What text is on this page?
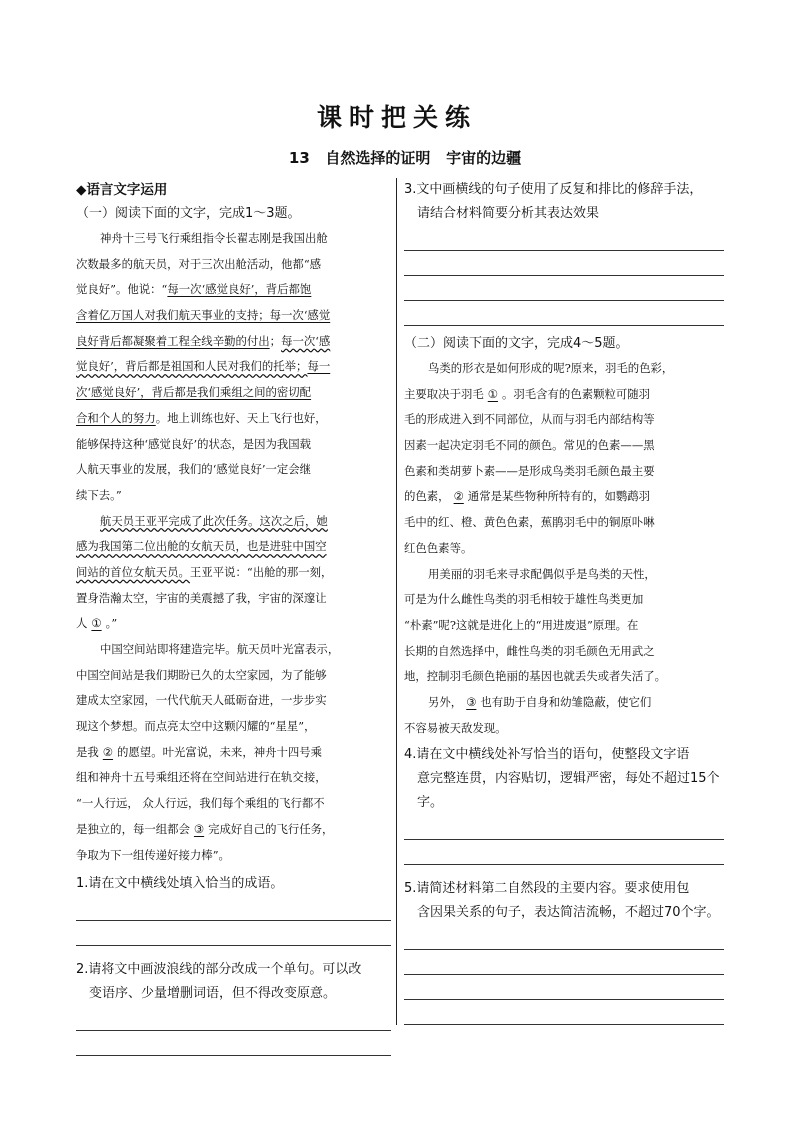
课时把关练
13   自然选择的证明   宇宙的边疆
◆语言文字运用
（一）阅读下面的文字，完成1～3题。
神舟十三号飞行乘组指令长翟志刚是我国出舱
次数最多的航天员，对于三次出舱活动，他都“感
觉良好”。他说：“每一次‘感觉良好’，背后都饱
含着亿万国人对我们航天事业的支持；每一次‘感觉
良好背后都凝聚着工程全线辛勤的付出；每一次‘感
觉良好’，背后都是祖国和人民对我们的托举；每一
次‘感觉良好’，背后都是我们乘组之间的密切配
合和个人的努力。地上训练也好、天上飞行也好，
能够保持这种‘感觉良好’的状态，是因为我国载
人航天事业的发展，我们的‘感觉良好’一定会继
续下去。”
航天员王亚平完成了此次任务。这次之后，她
感为我国第二位出舱的女航天员，也是进驻中国空
间站的首位女航天员。王亚平说：“出舱的那一刻，
置身浩瀚太空，宇宙的美震撼了我，宇宙的深邃让
人 ① 。”
中国空间站即将建造完毕。航天员叶光富表示，
中国空间站是我们期盼已久的太空家园，为了能够
建成太空家园，一代代航天人砥砺奋进，一步步实
现这个梦想。而点亮太空中这颗闪耀的“星星”，
是我 ② 的愿望。叶光富说，未来，神舟十四号乘
组和神舟十五号乘组还将在空间站进行在轨交接，
“一人行远， 众人行远，我们每个乘组的飞行都不
是独立的，每一组都会 ③ 完成好自己的飞行任务，
争取为下一组传递好接力棒”。
1.请在文中横线处填入恰当的成语。
2.请将文中画波浪线的部分改成一个单句。可以改
变语序、少量增删词语，但不得改变原意。
3.文中画横线的句子使用了反复和排比的修辞手法，
请结合材料简要分析其表达效果
（二）阅读下面的文字，完成4～5题。
鸟类的形衣是如何形成的呢?原来，羽毛的色彩，
主要取决于羽毛 ① 。羽毛含有的色素颗粒可随羽
毛的形成进入到不同部位，从而与羽毛内部结构等
因素一起决定羽毛不同的颜色。常见的色素——黑
色素和类胡萝卜素——是形成鸟类羽毛颜色最主要
的色素， ② 通常是某些物种所特有的，如鹦鹉羽
毛中的红、橙、黄色色素，蕉鹃羽毛中的铜原卟啉
红色色素等。
用美丽的羽毛来寻求配偶似乎是鸟类的天性，
可是为什么雌性鸟类的羽毛相较于雄性鸟类更加
“朴素”呢?这就是进化上的“用进废退”原理。在
长期的自然选择中，雌性鸟类的羽毛颜色无用武之
地，控制羽毛颜色艳丽的基因也就丢失或者失活了。
另外， ③ 也有助于自身和幼雏隐蔽，使它们
不容易被天敌发现。
4.请在文中横线处补写恰当的语句，使整段文字语
意完整连贯，内容贴切，逻辑严密，每处不超过15个
字。
5.请简述材料第二自然段的主要内容。要求使用包
含因果关系的句子，表达简洁流畅，不超过70个字。
